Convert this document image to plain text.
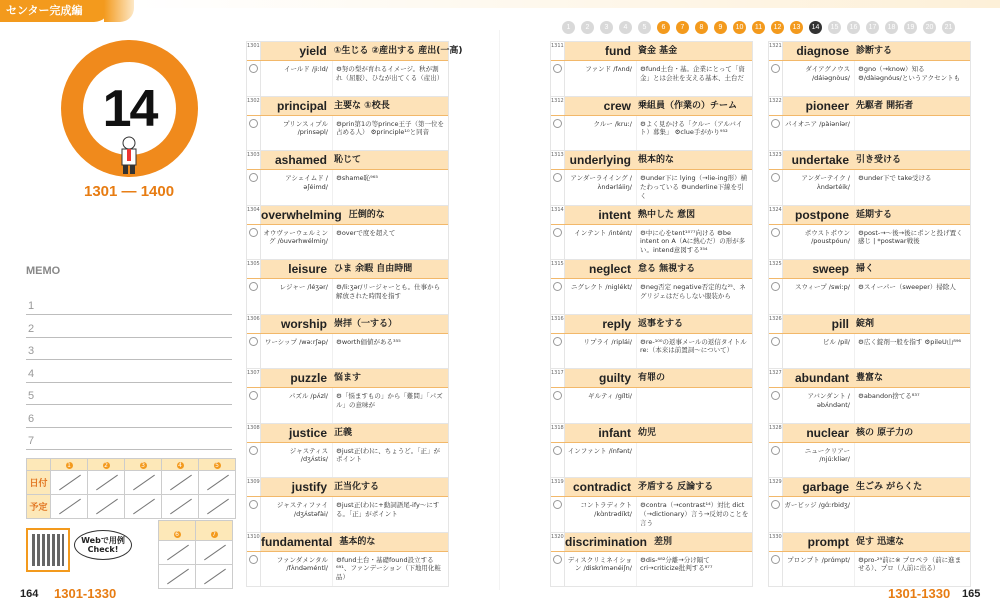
センター完成編
14
1301 — 1400
MEMO
1
2
3
4
5
6
7
	1	2	3	4	5
日付	

予定	

6	7

Webで用例Check!
1	2	3	4	5	6	7	8	9	10	11	12	13	14	15	16	17	18	19	20	21
1301	yield ①生じる ②産出する 産出(一高)
イールド /jiːld/	⚙努の梨が育れるイメージ。秋が割れ（屈服）、ひなが出てくる（産出）
1302	principal 主要な ①校長
プリンスィプル /prinsəpl/
⚙prin第1の等prince王子（第一位を占める人） ⚙principle¹⁰と同音
1303	ashamed 恥じて
アシェイムド /əʃéimd/
⚙shame恥⁹⁶⁵
1304 overwhelming 圧倒的な
オウヴァーウェルミング /òuvərhwélmiŋ/
⚙overで度を超えて
1305	leisure ひま 余暇 自由時間
レジャー /léʒər/	⚙/liːʒər/リージャーとも。仕事から解放された時間を指す
1306	worship 崇拝（一する）
ワーシップ /wəːrʃəp/	⚙worth価値がある³⁵⁵
1307	puzzle 悩ます
パズル /pʌ́zl/	⚙「悩ますもの」から「難問」「パズル」の意味が
1308	justice 正義
ジャスティス /dʒʌ́stis/
⚙just正(わ)に、ちょうど。「正」がポイント
1309	justify 正当化する
ジャスティファイ /dʒʌ́stəfài/
⚙just正(わ)に+動詞語尾-ify～にする。「正」がポイント
1310 fundamental 基本的な
ファンダメンタル /fʌ̀ndəméntl/
⚙fund土台・基礎found設立する⁶⁹¹、ファンデーション（下地用化粧品）
1311	fund 資金 基金
ファンド /fʌnd/	⚙fund土台・基。企業にとって「資金」とは会社を支える基本、土台だ
1312	crew 乗組員（作業の）チーム
クルー /kruː/	⚙よく見かける「クルー（アルバイト）募集」 ⚙clue手がかり⁹⁵²
1313 underlying 根本的な
アンダーライイング /ʌ̀ndərláiiŋ/
⚙under下に lying（→lie-ing形）横たわっている ⚙underline下線を引く
1314	intent 熱中した 意図
インテント /intént/	⚙中に心をtent¹⁰⁷⁷向ける ⚙be intent on A（Aに熱心だ）の形が多い。intend意図する³⁵⁴
1315	neglect 怠る 無視する
ニグレクト /niglékt/	⚙neg否定 negative否定的な²⁵、ネグリジェはだらしない服装から
1316	reply 返事をする
リプライ /riplái/	⚙re-¹⁰⁰の返事メールの返信タイトル re:（本来は前置詞～について）
1317	guilty 有罪の
ギルティ /gílti/
1318	infant 幼児
インファント /ínfənt/
1319 contradict 矛盾する 反論する
コントラディクト /kɑ̀ntrədíkt/
⚙contra（→contrast¹⁴）対比 dict（→dictionary）言う→反対のことを言う
1320 discrimination 差別
ディスクリミネイション /diskrìmənéiʃn/
⚙dis-⁶⁸²分離→分け隔て cri→criticize批判する⁸⁷⁷
1321	diagnose 診断する
ダイアグノウス /dáiəgnòus/
⚙gno（→know）知る ⚙/dàiəgnóus/というアクセントも
1322	pioneer 先駆者 開拓者
パイオニア /pàiəníər/
1323 undertake 引き受ける
アンダーテイク /ʌ̀ndərtéik/
⚙under下で take受ける
1324	postpone 延期する
ポウストポウン /poustpóun/
⚙post-→～後→後にポンと投げ置く感じ | *postwar戦後
1325	sweep 掃く
スウィープ /swiːp/	⚙スイーパー（sweeper）掃除人
1326	pill 錠剤
ピル /pil/	⚙広く錠剤一般を指す ⚙pileU山⁸⁹⁶
1327	abundant 豊富な
アバンダント /əbʌ́ndənt/
⚙abandon捨てる⁸³⁷
1328	nuclear 核の 原子力の
ニュークリアー /njúːkliər/
1329	garbage 生ごみ がらくた
ガービッジ /gɑ́ːrbidʒ/
1330	prompt 促す 迅速な
プロンプト /prɑ́mpt/	⚙pro-²⁹前に※ プロペラ（前に進ませる）、プロ（人前に出る）
164 1301-1330	1301-1330 165
